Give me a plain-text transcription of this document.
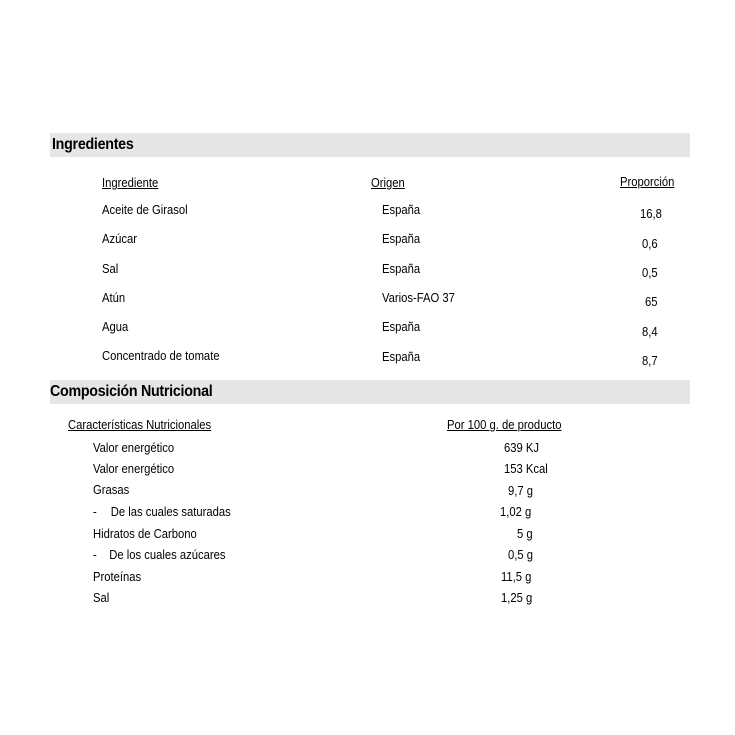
Ingredientes
Ingrediente	Origen	Proporción
Aceite de Girasol	España	16,8
Azúcar	España	0,6
Sal	España	0,5
Atún	Varios-FAO 37	65
Agua	España	8,4
Concentrado de tomate	España	8,7
Composición Nutricional
Características Nutricionales	Por 100 g. de producto
Valor energético	639 KJ
Valor energético	153 Kcal
Grasas	9,7 g
- De las cuales saturadas	1,02 g
Hidratos de Carbono	5 g
-    De los cuales azúcares	0,5 g
Proteínas	11,5 g
Sal	1,25 g
